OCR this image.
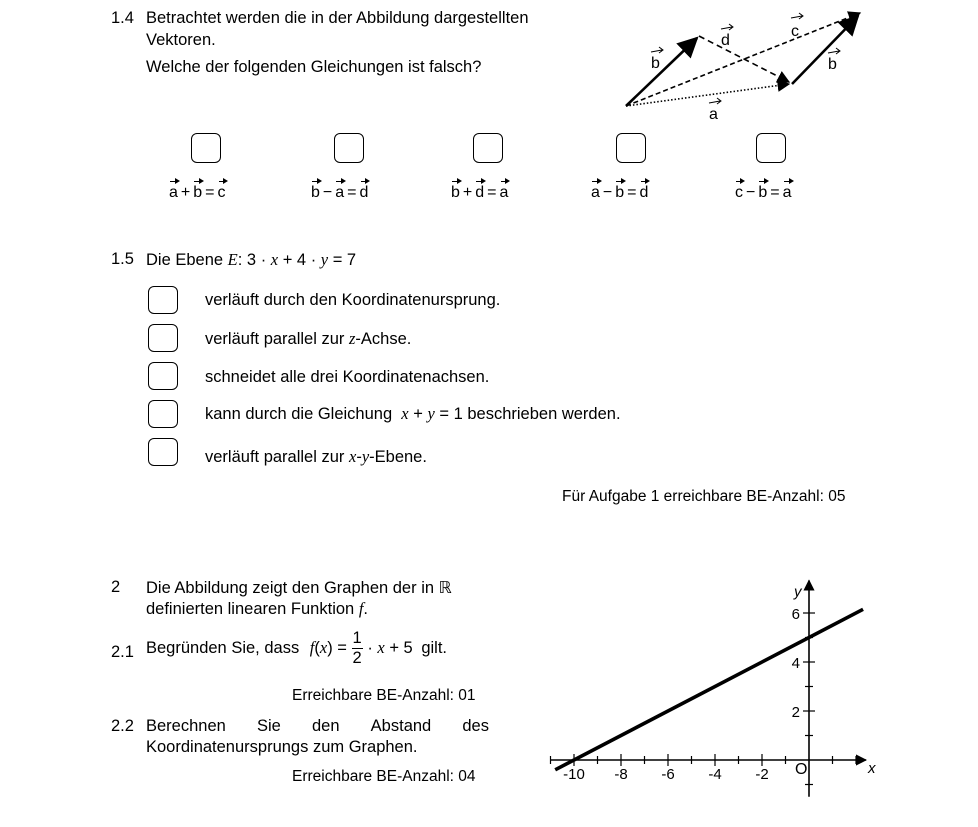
1.4 Betrachtet werden die in der Abbildung dargestellten
Vektoren.
Welche der folgenden Gleichungen ist falsch?	b
d
c
b
a
a + b = c	b − a = d	b + d = a	a − b = d	c − b = a
1.5 Die Ebene E: 3 · x + 4 · y = 7
verläuft durch den Koordinatenursprung.
verläuft parallel zur z-Achse.
schneidet alle drei Koordinatenachsen.
kann durch die Gleichung x + y = 1 beschrieben werden.
verläuft parallel zur x-y-Ebene.
Für Aufgabe 1 erreichbare BE-Anzahl: 05
2 Die Abbildung zeigt den Graphen der in ℝ
definierten linearen Funktion f.
2.1 Begründen Sie, dass $f(x) = \frac{1}{2} \cdot x + 5$ gilt.
Erreichbare BE-Anzahl: 01
2.2 Berechnen Sie den Abstand des
Koordinatenursprungs zum Graphen.
Erreichbare BE-Anzahl: 04	-10 -8 -6 -4 -2
2
4
6
x
y
O
